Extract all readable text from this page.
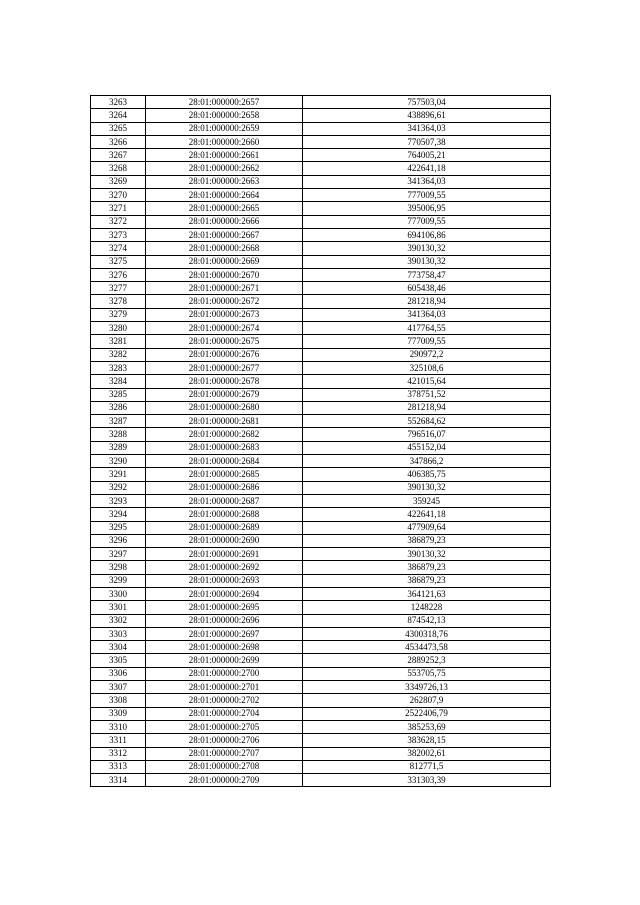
3263	28:01:000000:2657	757503,04
3264	28:01:000000:2658	438896,61
3265	28:01:000000:2659	341364,03
3266	28:01:000000:2660	770507,38
3267	28:01:000000:2661	764005,21
3268	28:01:000000:2662	422641,18
3269	28:01:000000:2663	341364,03
3270	28:01:000000:2664	777009,55
3271	28:01:000000:2665	395006,95
3272	28:01:000000:2666	777009,55
3273	28:01:000000:2667	694106,86
3274	28:01:000000:2668	390130,32
3275	28:01:000000:2669	390130,32
3276	28:01:000000:2670	773758,47
3277	28:01:000000:2671	605438,46
3278	28:01:000000:2672	281218,94
3279	28:01:000000:2673	341364,03
3280	28:01:000000:2674	417764,55
3281	28:01:000000:2675	777009,55
3282	28:01:000000:2676	290972,2
3283	28:01:000000:2677	325108,6
3284	28:01:000000:2678	421015,64
3285	28:01:000000:2679	378751,52
3286	28:01:000000:2680	281218,94
3287	28:01:000000:2681	552684,62
3288	28:01:000000:2682	796516,07
3289	28:01:000000:2683	455152,04
3290	28:01:000000:2684	347866,2
3291	28:01:000000:2685	406385,75
3292	28:01:000000:2686	390130,32
3293	28:01:000000:2687	359245
3294	28:01:000000:2688	422641,18
3295	28:01:000000:2689	477909,64
3296	28:01:000000:2690	386879,23
3297	28:01:000000:2691	390130,32
3298	28:01:000000:2692	386879,23
3299	28:01:000000:2693	386879,23
3300	28:01:000000:2694	364121,63
3301	28:01:000000:2695	1248228
3302	28:01:000000:2696	874542,13
3303	28:01:000000:2697	4300318,76
3304	28:01:000000:2698	4534473,58
3305	28:01:000000:2699	2889252,3
3306	28:01:000000:2700	553705,75
3307	28:01:000000:2701	3349726,13
3308	28:01:000000:2702	262807,9
3309	28:01:000000:2704	2522406,79
3310	28:01:000000:2705	385253,69
3311	28:01:000000:2706	383628,15
3312	28:01:000000:2707	382002,61
3313	28:01:000000:2708	812771,5
3314	28:01:000000:2709	331303,39
